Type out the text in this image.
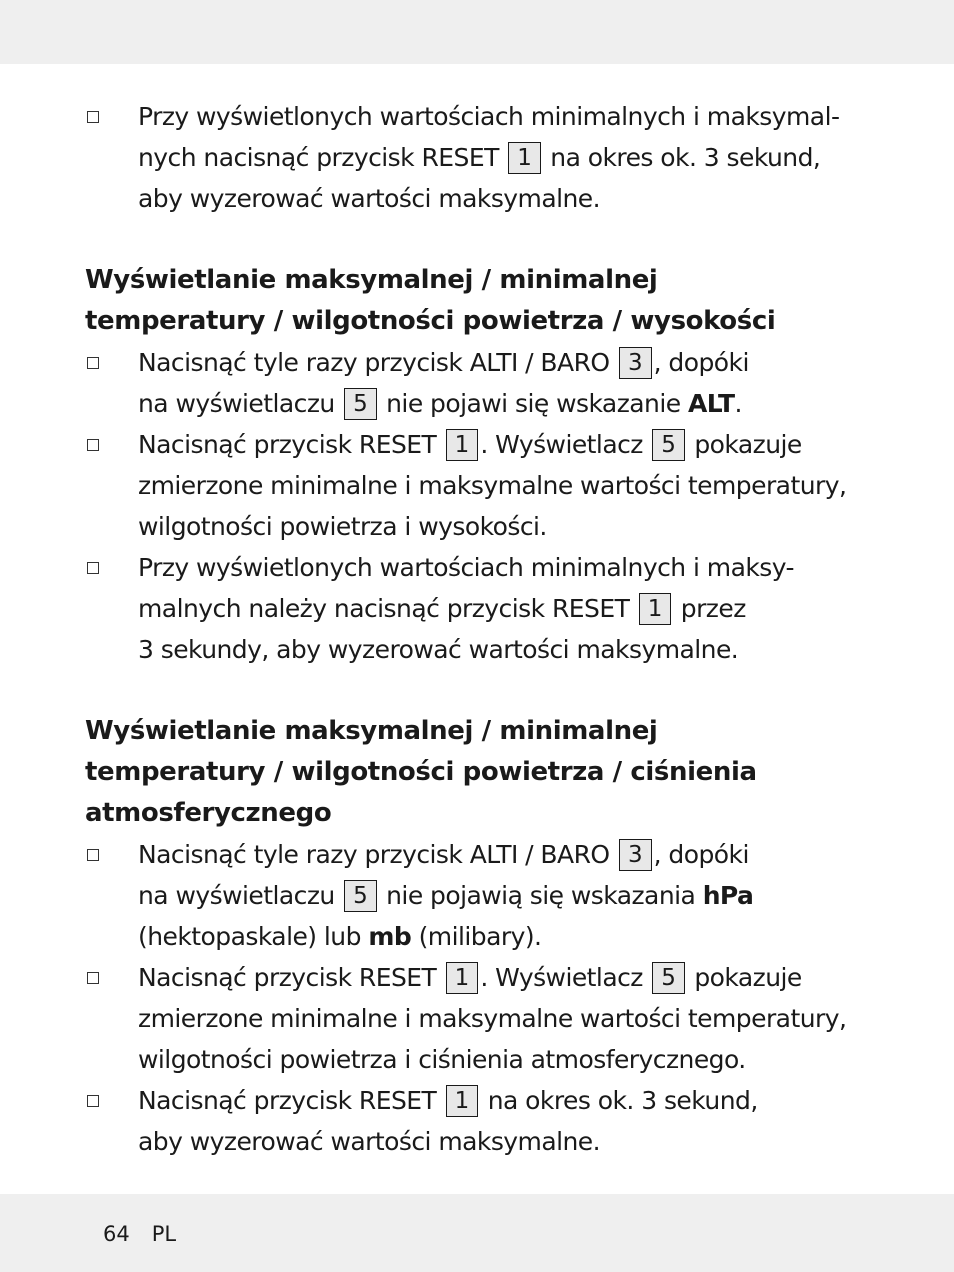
Przy wyświetlonych wartościach minimalnych i maksymal-
nych nacisnąć przycisk RESET 1 na okres ok. 3 sekund,
aby wyzerować wartości maksymalne.
Wyświetlanie maksymalnej / minimalnej
temperatury / wilgotności powietrza / wysokości
Nacisnąć tyle razy przycisk ALTI / BARO 3 , dopóki
na wyświetlaczu 5 nie pojawi się wskazanie ALT.
Nacisnąć przycisk RESET 1 . Wyświetlacz 5 pokazuje
zmierzone minimalne i maksymalne wartości temperatury,
wilgotności powietrza i wysokości.
Przy wyświetlonych wartościach minimalnych i maksy-
malnych należy nacisnąć przycisk RESET 1 przez
3 sekundy, aby wyzerować wartości maksymalne.
Wyświetlanie maksymalnej / minimalnej
temperatury / wilgotności powietrza / ciśnienia
atmosferycznego
Nacisnąć tyle razy przycisk ALTI / BARO 3 , dopóki
na wyświetlaczu 5 nie pojawią się wskazania hPa
(hektopaskale) lub mb (milibary).
Nacisnąć przycisk RESET 1 . Wyświetlacz 5 pokazuje
zmierzone minimalne i maksymalne wartości temperatury,
wilgotności powietrza i ciśnienia atmosferycznego.
Nacisnąć przycisk RESET 1 na okres ok. 3 sekund,
aby wyzerować wartości maksymalne.
64 PL
